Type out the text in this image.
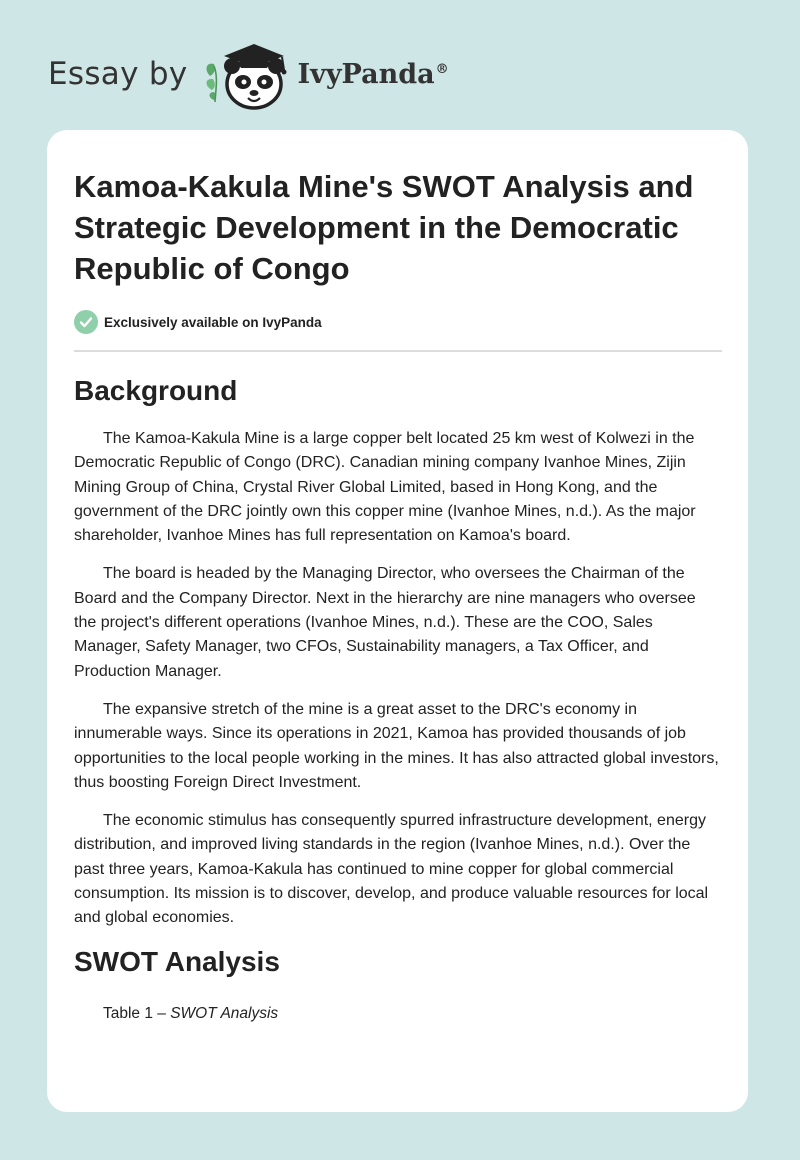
Essay by	IvyPanda®
Kamoa-Kakula Mine's SWOT Analysis and Strategic Development in the Democratic Republic of Congo
Exclusively available on IvyPanda
Background

The Kamoa-Kakula Mine is a large copper belt located 25 km west of Kolwezi in the Democratic Republic of Congo (DRC). Canadian mining company Ivanhoe Mines, Zijin Mining Group of China, Crystal River Global Limited, based in Hong Kong, and the government of the DRC jointly own this copper mine (Ivanhoe Mines, n.d.). As the major shareholder, Ivanhoe Mines has full representation on Kamoa's board.

The board is headed by the Managing Director, who oversees the Chairman of the Board and the Company Director. Next in the hierarchy are nine managers who oversee the project's different operations (Ivanhoe Mines, n.d.). These are the COO, Sales Manager, Safety Manager, two CFOs, Sustainability managers, a Tax Officer, and Production Manager.

The expansive stretch of the mine is a great asset to the DRC's economy in innumerable ways. Since its operations in 2021, Kamoa has provided thousands of job opportunities to the local people working in the mines. It has also attracted global investors, thus boosting Foreign Direct Investment.

The economic stimulus has consequently spurred infrastructure development, energy distribution, and improved living standards in the region (Ivanhoe Mines, n.d.). Over the past three years, Kamoa-Kakula has continued to mine copper for global commercial consumption. Its mission is to discover, develop, and produce valuable resources for local and global economies.

SWOT Analysis
Table 1 – SWOT Analysis
